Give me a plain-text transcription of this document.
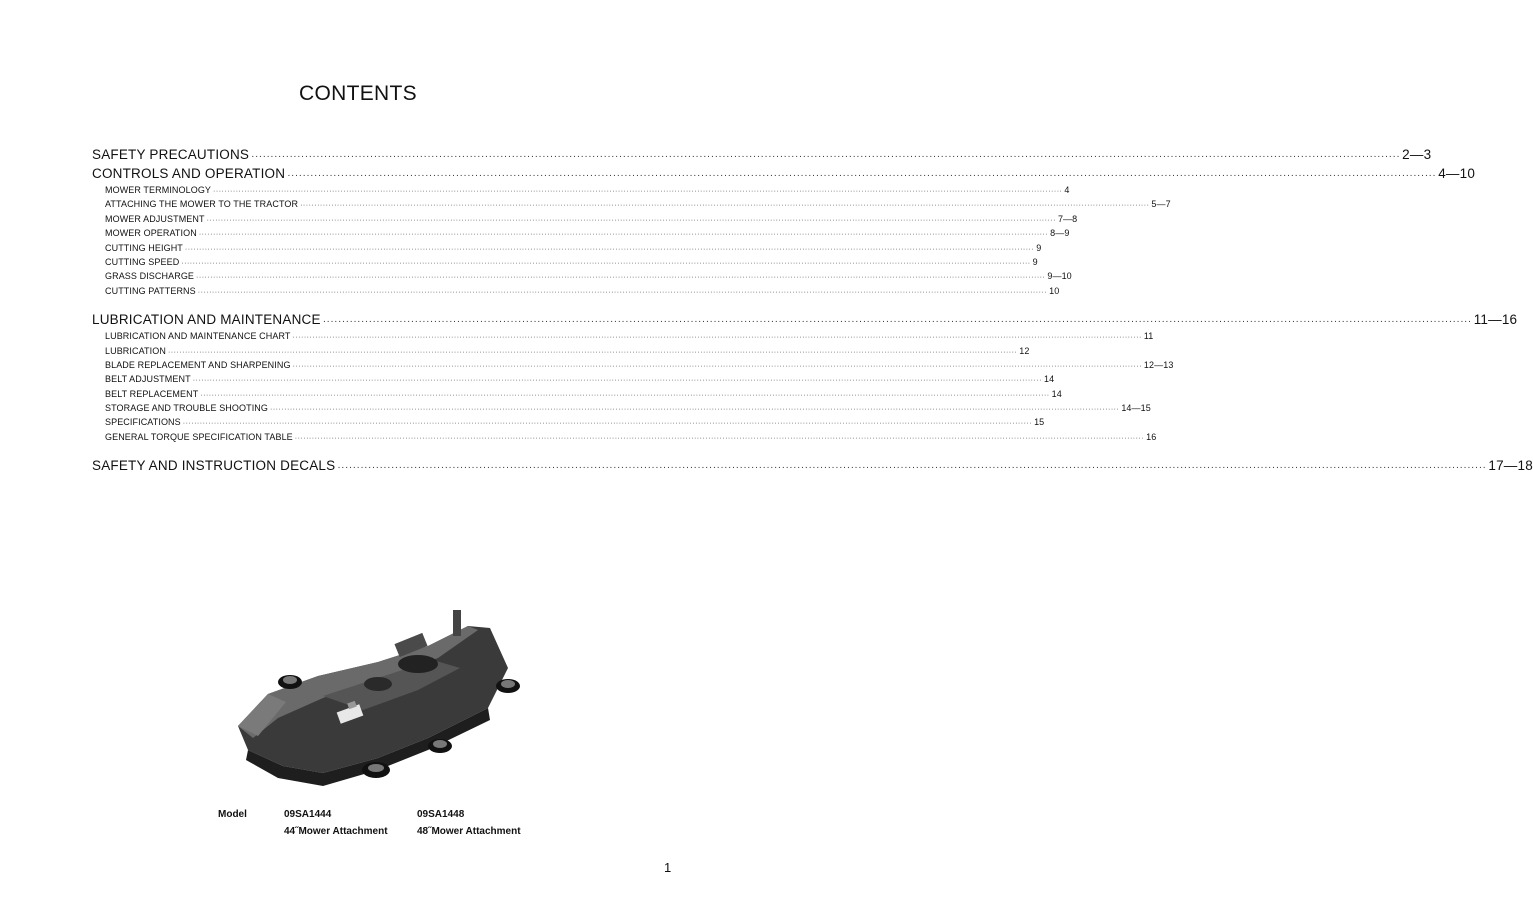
CONTENTS
SAFETY PRECAUTIONS ············································································································································································································································································································ 2—3
CONTROLS AND OPERATION ············································································································································································································································································································ 4—10
MOWER TERMINOLOGY ············································································································································································································································································································ 4
ATTACHING THE MOWER TO THE TRACTOR ············································································································································································································································································································ 5—7
MOWER ADJUSTMENT ············································································································································································································································································································ 7—8
MOWER OPERATION ············································································································································································································································································································ 8—9
CUTTING HEIGHT ············································································································································································································································································································ 9
CUTTING SPEED ············································································································································································································································································································ 9
GRASS DISCHARGE ············································································································································································································································································································ 9—10
CUTTING PATTERNS ············································································································································································································································································································ 10
LUBRICATION AND MAINTENANCE ············································································································································································································································································································ 11—16
LUBRICATION AND MAINTENANCE CHART ············································································································································································································································································································ 11
LUBRICATION ············································································································································································································································································································ 12
BLADE REPLACEMENT AND SHARPENING ············································································································································································································································································································ 12—13
BELT ADJUSTMENT ············································································································································································································································································································ 14
BELT REPLACEMENT ············································································································································································································································································································ 14
STORAGE AND TROUBLE SHOOTING ············································································································································································································································································································ 14—15
SPECIFICATIONS ············································································································································································································································································································ 15
GENERAL TORQUE SPECIFICATION TABLE ············································································································································································································································································································ 16
SAFETY AND INSTRUCTION DECALS ············································································································································································································································································································ 17—18
Model	09SA1444
44˝Mower Attachment
09SA1448
48˝Mower Attachment
1
